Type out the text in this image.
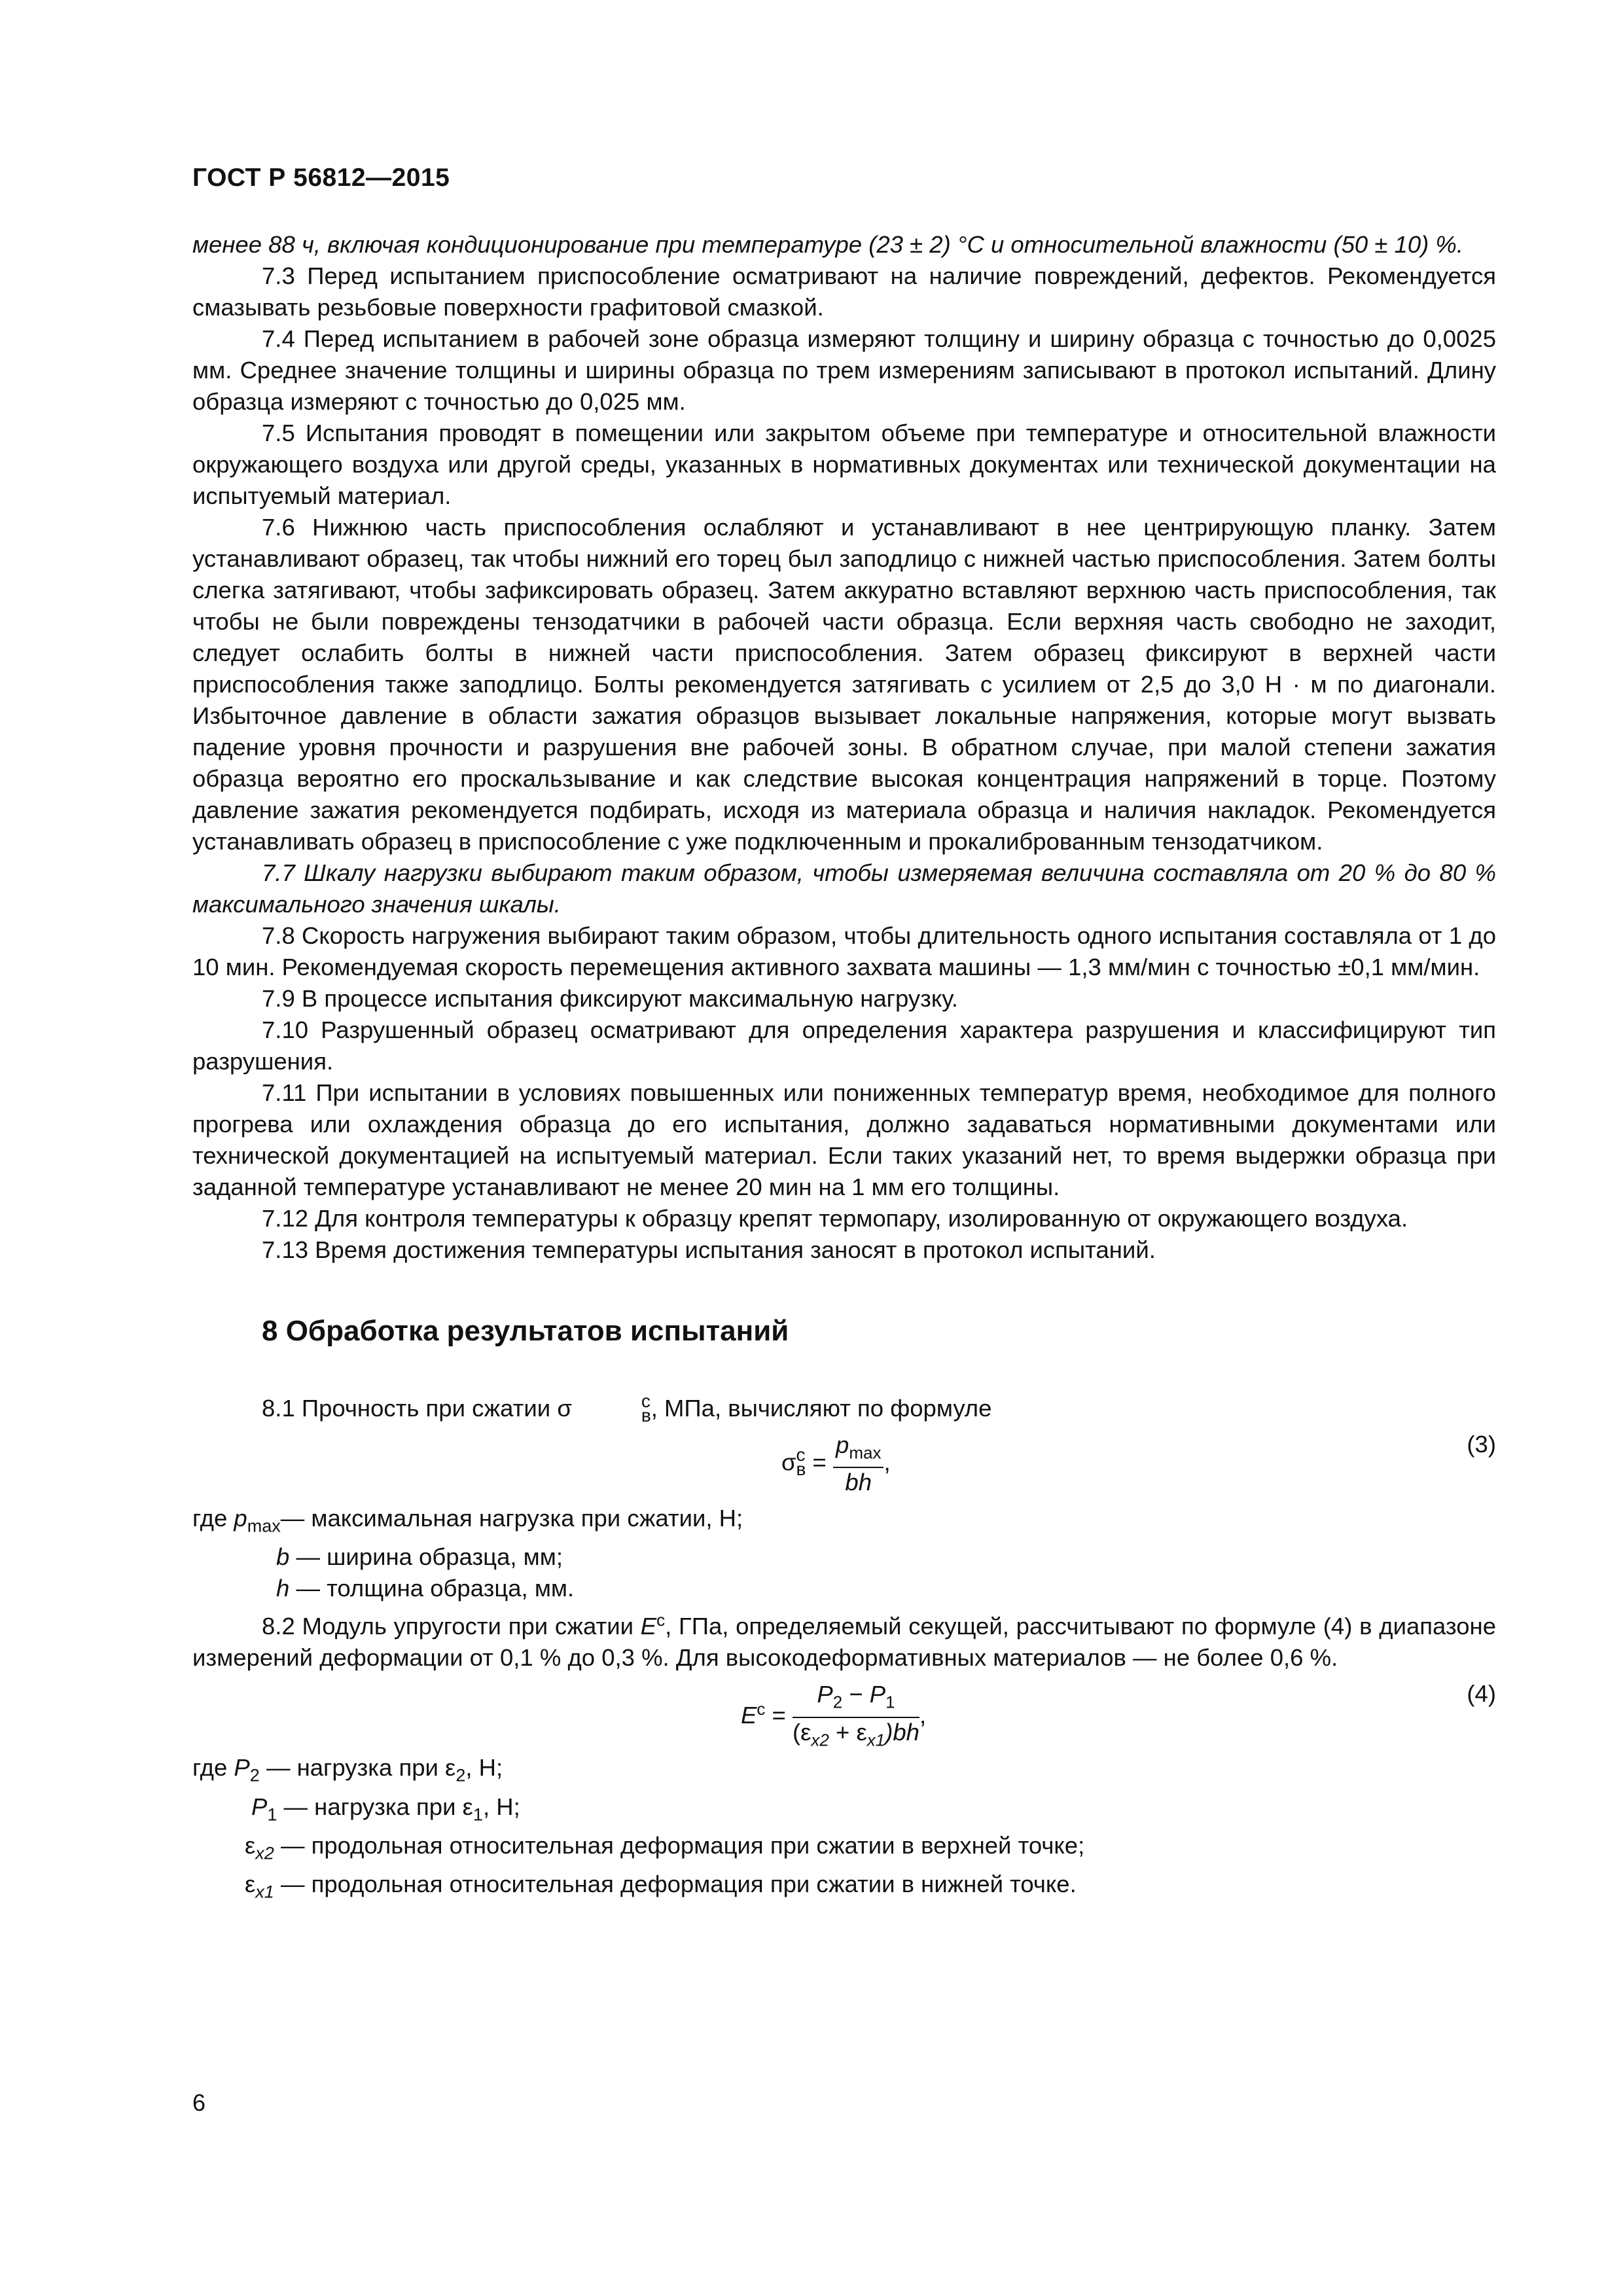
ГОСТ Р 56812—2015

менее 88 ч, включая кондиционирование при температуре (23 ± 2) °С и относительной влажности (50 ± 10) %.

7.3 Перед испытанием приспособление осматривают на наличие повреждений, дефектов. Рекомендуется смазывать резьбовые поверхности графитовой смазкой.

7.4 Перед испытанием в рабочей зоне образца измеряют толщину и ширину образца с точностью до 0,0025 мм. Среднее значение толщины и ширины образца по трем измерениям записывают в протокол испытаний. Длину образца измеряют с точностью до 0,025 мм.

7.5 Испытания проводят в помещении или закрытом объеме при температуре и относительной влажности окружающего воздуха или другой среды, указанных в нормативных документах или технической документации на испытуемый материал.

7.6 Нижнюю часть приспособления ослабляют и устанавливают в нее центрирующую планку. Затем устанавливают образец, так чтобы нижний его торец был заподлицо с нижней частью приспособления. Затем болты слегка затягивают, чтобы зафиксировать образец. Затем аккуратно вставляют верхнюю часть приспособления, так чтобы не были повреждены тензодатчики в рабочей части образца. Если верхняя часть свободно не заходит, следует ослабить болты в нижней части приспособления. Затем образец фиксируют в верхней части приспособления также заподлицо. Болты рекомендуется затягивать с усилием от 2,5 до 3,0 Н · м по диагонали. Избыточное давление в области зажатия образцов вызывает локальные напряжения, которые могут вызвать падение уровня прочности и разрушения вне рабочей зоны. В обратном случае, при малой степени зажатия образца вероятно его проскальзывание и как следствие высокая концентрация напряжений в торце. Поэтому давление зажатия рекомендуется подбирать, исходя из материала образца и наличия накладок. Рекомендуется устанавливать образец в приспособление с уже подключенным и прокалиброванным тензодатчиком.

7.7 Шкалу нагрузки выбирают таким образом, чтобы измеряемая величина составляла от 20 % до 80 % максимального значения шкалы.

7.8 Скорость нагружения выбирают таким образом, чтобы длительность одного испытания составляла от 1 до 10 мин. Рекомендуемая скорость перемещения активного захвата машины — 1,3 мм/мин с точностью ±0,1 мм/мин.

7.9 В процессе испытания фиксируют максимальную нагрузку.

7.10 Разрушенный образец осматривают для определения характера разрушения и классифицируют тип разрушения.

7.11 При испытании в условиях повышенных или пониженных температур время, необходимое для полного прогрева или охлаждения образца до его испытания, должно задаваться нормативными документами или технической документацией на испытуемый материал. Если таких указаний нет, то время выдержки образца при заданной температуре устанавливают не менее 20 мин на 1 мм его толщины.

7.12 Для контроля температуры к образцу крепят термопару, изолированную от окружающего воздуха.

7.13 Время достижения температуры испытания заносят в протокол испытаний.

8 Обработка результатов испытаний

8.1 Прочность при сжатии σ	c
в , МПа, вычисляют по формуле

σ c
$в = \frac{p_{max}}{bh}$ ,
(3)

где $p_{max}—$ максимальная нагрузка при сжатии, Н;

b — ширина образца, мм;

h — толщина образца, мм.

8.2 Модуль упругости при сжатии $E^c$, ГПа, определяемый секущей, рассчитывают по формуле (4) в диапазоне измерений деформации от 0,1 % до 0,3 %. Для высокодеформативных материалов — не более 0,6 %.

$E^c = \frac{P_2 - P_1}{(\varepsilon_{x2} + \varepsilon_{x1})bh}$ ,
(4)

где $P_2$ — нагрузка при $\varepsilon_2$, Н;

$P_1$ — нагрузка при $\varepsilon_1$, Н;

$\varepsilon_{x2}$ — продольная относительная деформация при сжатии в верхней точке;

$\varepsilon_{x1}$ — продольная относительная деформация при сжатии в нижней точке.

6
